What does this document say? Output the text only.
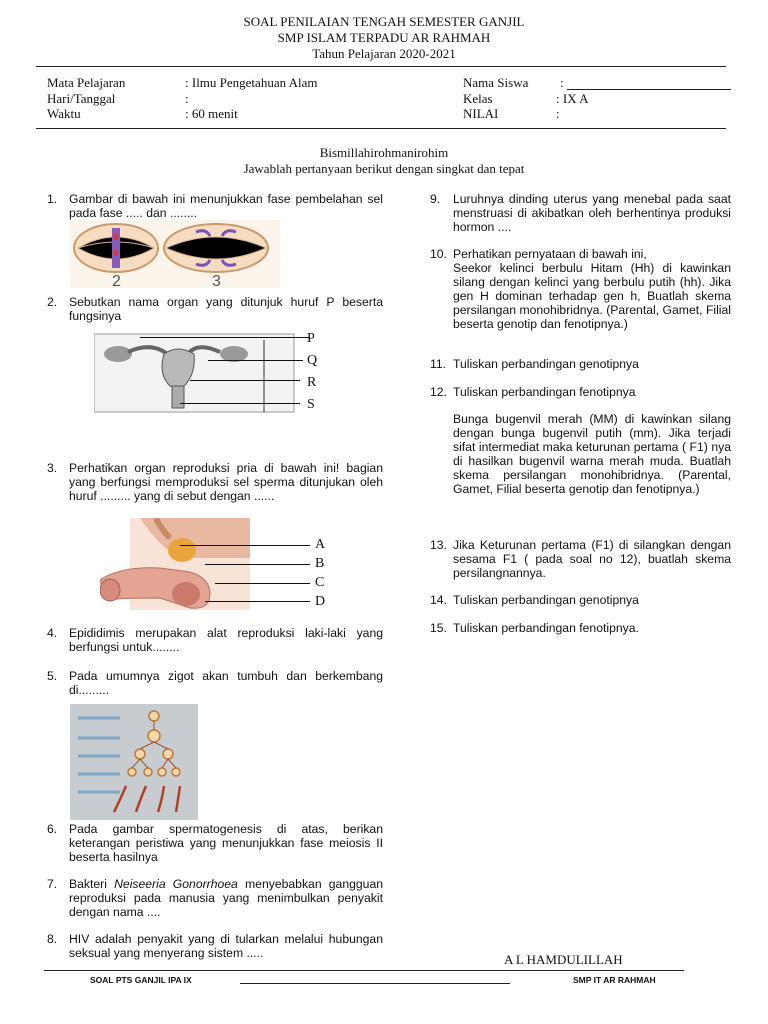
SOAL PENILAIAN TENGAH SEMESTER GANJIL
SMP ISLAM TERPADU AR RAHMAH
Tahun Pelajaran 2020-2021
Mata Pelajaran	: Ilmu Pengetahuan Alam
Hari/Tanggal	:
Waktu	: 60 menit
Nama Siswa :
Kelas	: IX A
NILAI	:
Bismillahirohmanirohim
Jawablah pertanyaan berikut dengan singkat dan tepat
1. Gambar di bawah ini menunjukkan fase pembelahan sel pada fase ..... dan ........
2	3
2. Sebutkan nama organ yang ditunjuk huruf P beserta fungsinya
P
Q
R
S
3. Perhatikan organ reproduksi pria di bawah ini! bagian yang berfungsi memproduksi sel sperma ditunjukan oleh huruf ......... yang di sebut dengan ......
A
B
C
D
4. Epididimis merupakan alat reproduksi laki-laki yang berfungsi untuk........
5. Pada umumnya zigot akan tumbuh dan berkembang di.........
6. Pada gambar spermatogenesis di atas, berikan keterangan peristiwa yang menunjukkan fase meiosis II beserta hasilnya
7. Bakteri Neiseeria Gonorrhoea menyebabkan gangguan reproduksi pada manusia yang menimbulkan penyakit dengan nama ....
8. HIV adalah penyakit yang di tularkan melalui hubungan seksual yang menyerang sistem .....
9.	Luruhnya dinding uterus yang menebal pada saat menstruasi di akibatkan oleh berhentinya produksi hormon ....
10. Perhatikan pernyataan di bawah ini,
Seekor kelinci berbulu Hitam (Hh) di kawinkan silang dengan kelinci yang berbulu putih (hh). Jika gen H dominan terhadap gen h, Buatlah skema persilangan monohibridnya. (Parental, Gamet, Filial beserta genotip dan fenotipnya.)
11. Tuliskan perbandingan genotipnya
12. Tuliskan perbandingan fenotipnya
Bunga bugenvil merah (MM) di kawinkan silang dengan bunga bugenvil putih (mm). Jika terjadi sifat intermediat maka keturunan pertama ( F1) nya di hasilkan bugenvil warna merah muda. Buatlah skema persilangan monohibridnya. (Parental, Gamet, Filial beserta genotip dan fenotipnya.)
13. Jika Keturunan pertama (F1) di silangkan dengan sesama F1 ( pada soal no 12), buatlah skema persilangnannya.
14. Tuliskan perbandingan genotipnya
15. Tuliskan perbandingan fenotipnya.
A L HAMDULILLAH
SOAL PTS GANJIL IPA IX	SMP IT AR RAHMAH
